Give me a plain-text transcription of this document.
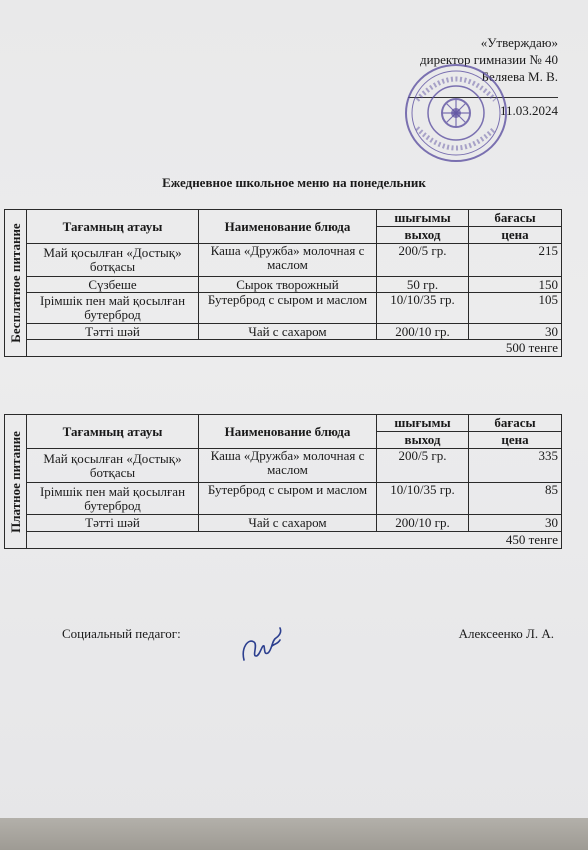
«Утверждаю»
директор гимназии № 40
Беляева М. В.
11.03.2024
Ежедневное школьное меню на понедельник
Бесплатное питание	Тағамның атауы	Наименование блюда	шығымы	бағасы
			выход	цена
	Май қосылған «Достық» ботқасы	Каша «Дружба» молочная с маслом	200/5 гр.	215
	Сүзбеше	Сырок творожный	50 гр.	150
	Ірімшік пен май қосылған бутерброд	Бутерброд с сыром и маслом	10/10/35 гр.	105
	Тәтті шәй	Чай с сахаром	200/10 гр.	30
	500 тенге			
Платное питание	Тағамның атауы	Наименование блюда	шығымы	бағасы
			выход	цена
	Май қосылған «Достық» ботқасы	Каша «Дружба» молочная с маслом	200/5 гр.	335
	Ірімшік пен май қосылған бутерброд	Бутерброд с сыром и маслом	10/10/35 гр.	85
	Тәтті шәй	Чай с сахаром	200/10 гр.	30
	450 тенге			
Социальный педагог:	Алексеенко Л. А.
